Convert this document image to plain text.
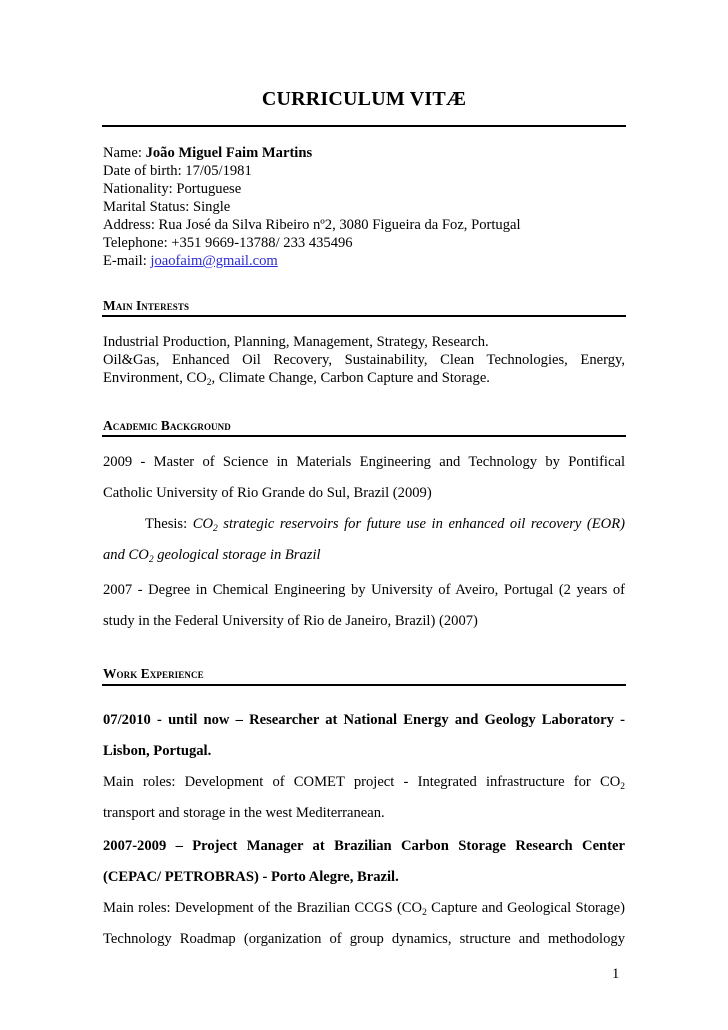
CURRICULUM VITÆ
Name: João Miguel Faim Martins
Date of birth: 17/05/1981
Nationality: Portuguese
Marital Status: Single
Address: Rua José da Silva Ribeiro nº2, 3080 Figueira da Foz, Portugal
Telephone: +351 9669-13788/ 233 435496
E-mail: joaofaim@gmail.com
Main Interests
Industrial Production, Planning, Management, Strategy, Research.
Oil&Gas, Enhanced Oil Recovery, Sustainability, Clean Technologies, Energy,
Environment, $CO_2$, Climate Change, Carbon Capture and Storage.
Academic Background
2009 - Master of Science in Materials Engineering and Technology by Pontifical
Catholic University of Rio Grande do Sul, Brazil (2009)
Thesis: $CO_2$ strategic reservoirs for future use in enhanced oil recovery (EOR)
and $CO_2$ geological storage in Brazil
2007 - Degree in Chemical Engineering by University of Aveiro, Portugal (2 years of
study in the Federal University of Rio de Janeiro, Brazil) (2007)
Work Experience
07/2010 - until now – Researcher at National Energy and Geology Laboratory -
Lisbon, Portugal.
Main roles: Development of COMET project - Integrated infrastructure for $CO_2$
transport and storage in the west Mediterranean.
2007-2009 – Project Manager at Brazilian Carbon Storage Research Center
(CEPAC/ PETROBRAS) - Porto Alegre, Brazil.
Main roles: Development of the Brazilian CCGS ($CO_2$ Capture and Geological Storage)
Technology Roadmap (organization of group dynamics, structure and methodology
1
